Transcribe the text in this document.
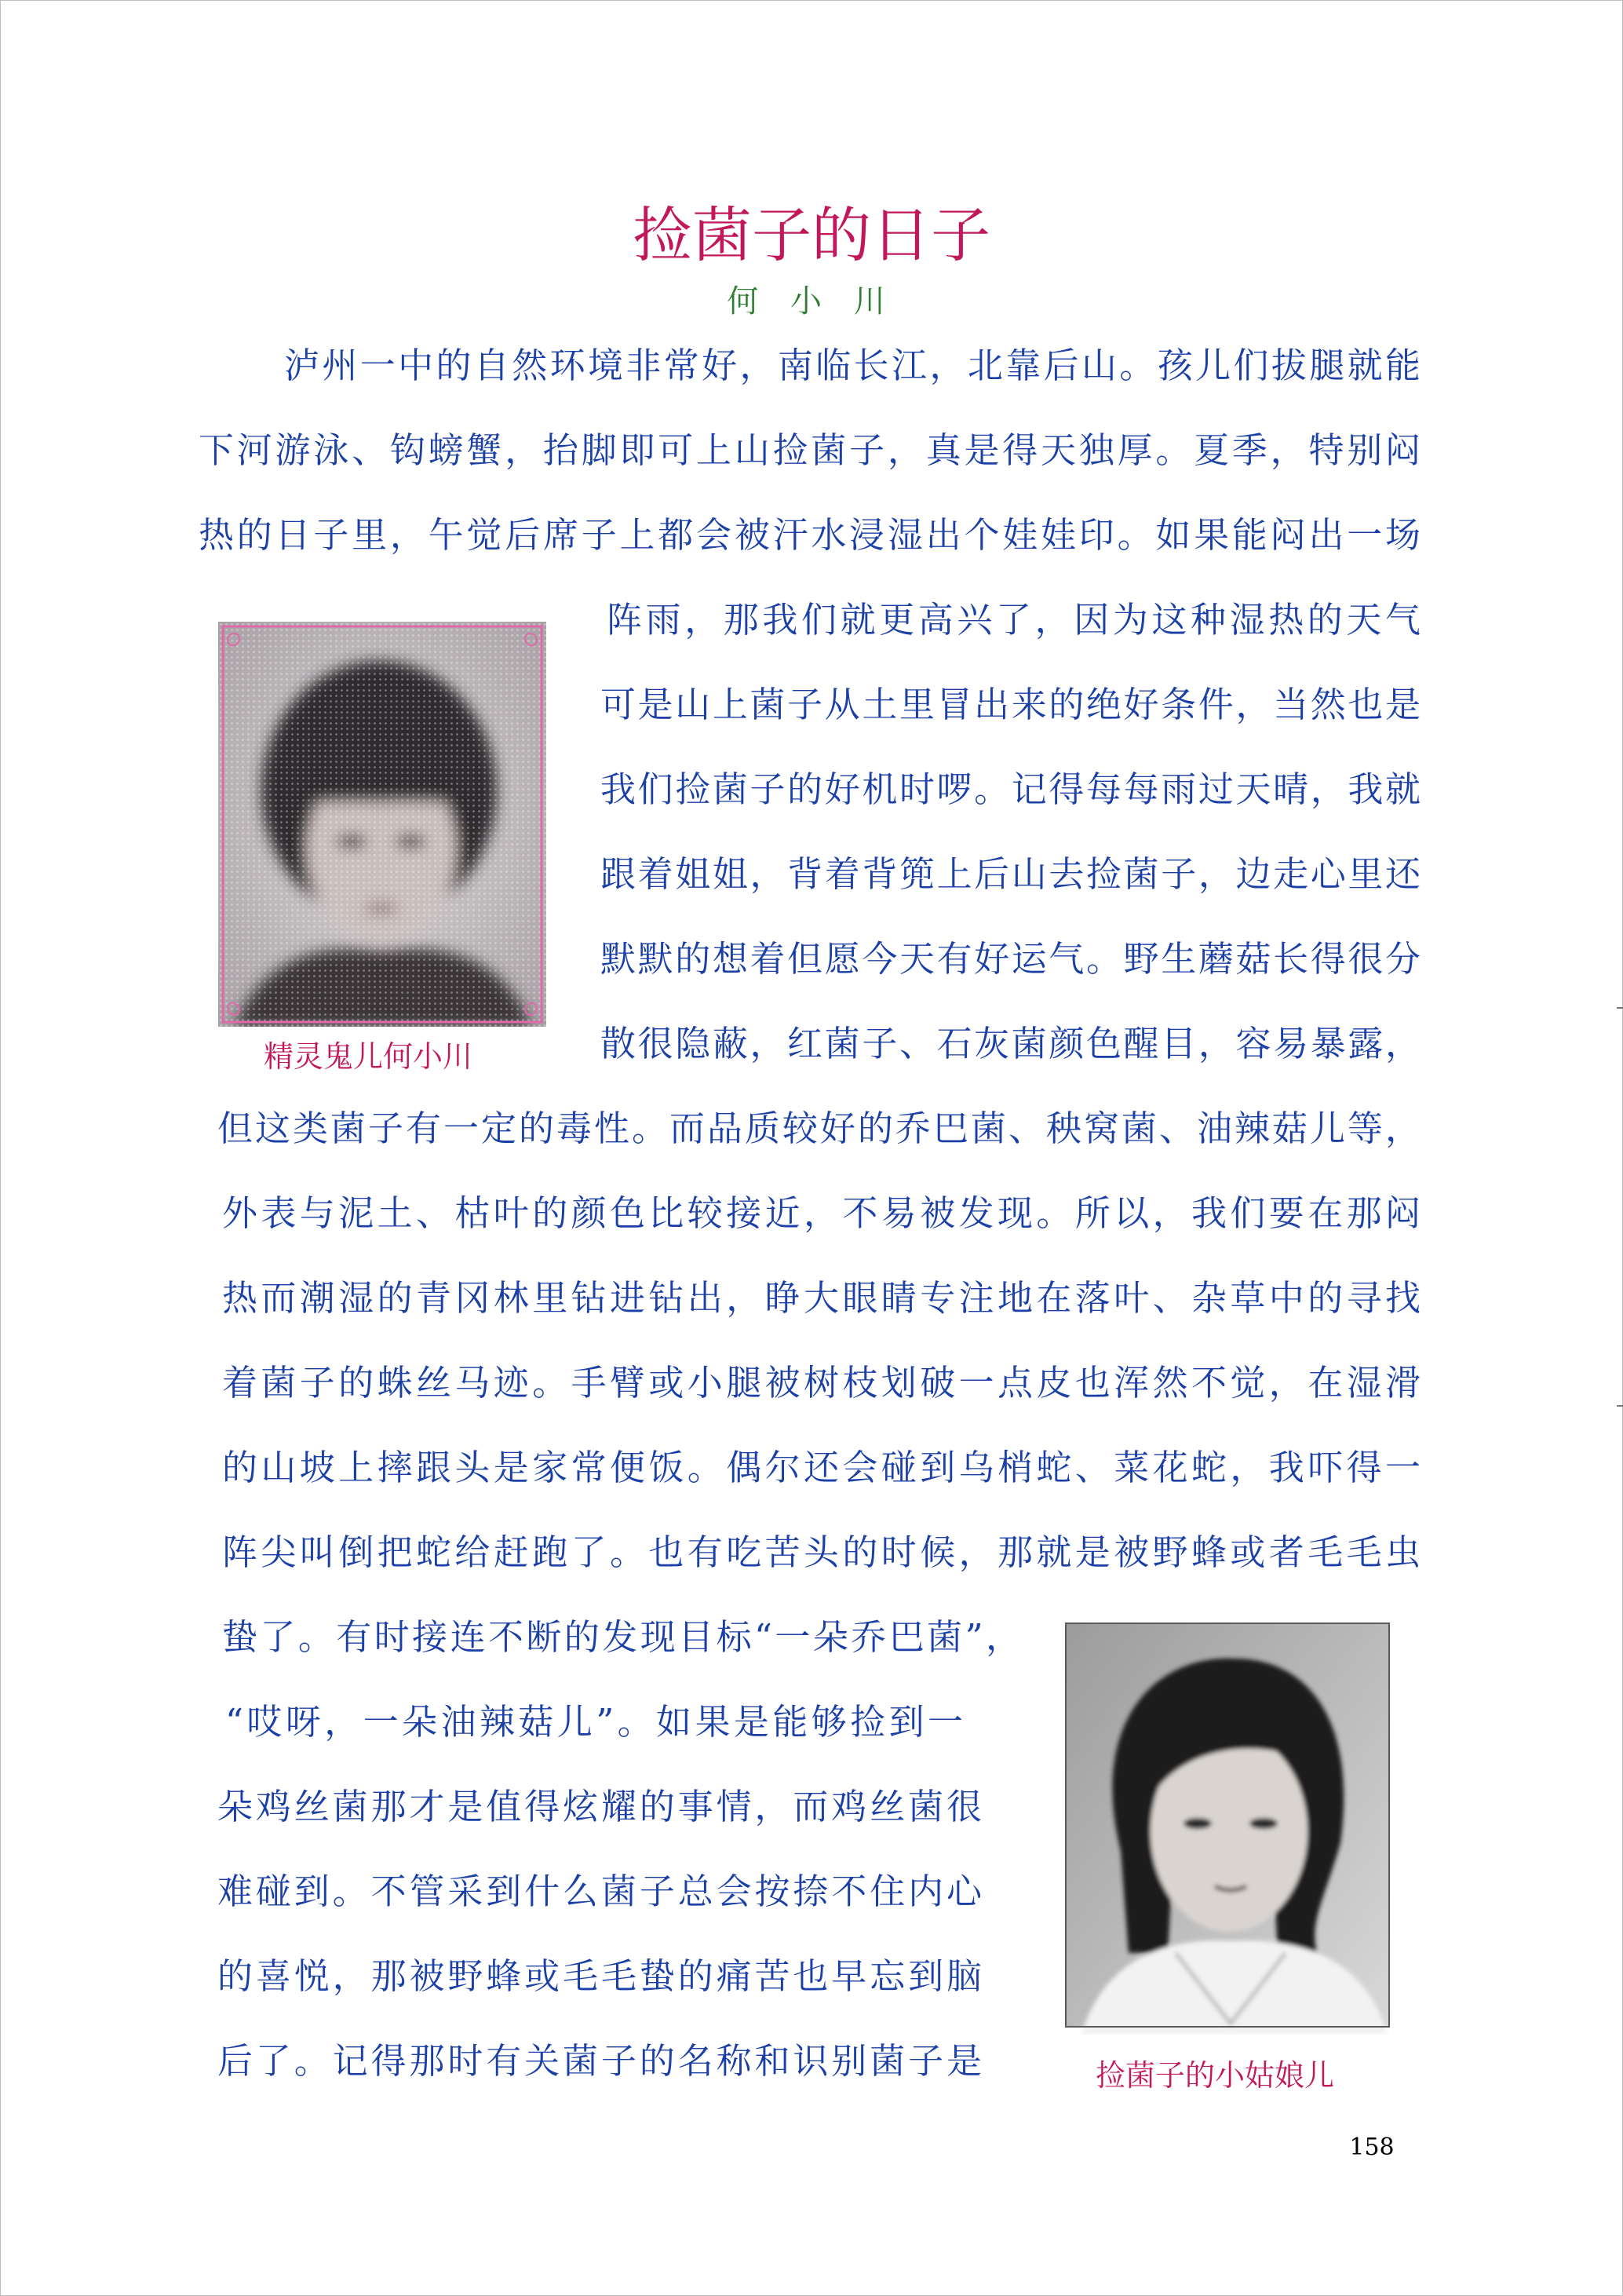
捡菌子的日子
何 小 川
泸州一中的自然环境非常好，南临长江，北靠后山。孩儿们拔腿就能
下河游泳、钩螃蟹，抬脚即可上山捡菌子，真是得天独厚。夏季，特别闷
热的日子里，午觉后席子上都会被汗水浸湿出个娃娃印。如果能闷出一场
阵雨，那我们就更高兴了，因为这种湿热的天气
可是山上菌子从土里冒出来的绝好条件，当然也是
我们捡菌子的好机时啰。记得每每雨过天晴，我就
跟着姐姐，背着背篼上后山去捡菌子，边走心里还
默默的想着但愿今天有好运气。野生蘑菇长得很分
散很隐蔽，红菌子、石灰菌颜色醒目，容易暴露，
但这类菌子有一定的毒性。而品质较好的乔巴菌、秧窝菌、油辣菇儿等，
外表与泥土、枯叶的颜色比较接近，不易被发现。所以，我们要在那闷
热而潮湿的青冈林里钻进钻出，睁大眼睛专注地在落叶、杂草中的寻找
着菌子的蛛丝马迹。手臂或小腿被树枝划破一点皮也浑然不觉，在湿滑
的山坡上摔跟头是家常便饭。偶尔还会碰到乌梢蛇、菜花蛇，我吓得一
阵尖叫倒把蛇给赶跑了。也有吃苦头的时候，那就是被野蜂或者毛毛虫
蛰了。有时接连不断的发现目标“一朵乔巴菌”，
“哎呀，一朵油辣菇儿”。如果是能够捡到一
朵鸡丝菌那才是值得炫耀的事情，而鸡丝菌很
难碰到。不管采到什么菌子总会按捺不住内心
的喜悦，那被野蜂或毛毛蛰的痛苦也早忘到脑
后了。记得那时有关菌子的名称和识别菌子是
精灵鬼儿何小川
捡菌子的小姑娘儿
158
